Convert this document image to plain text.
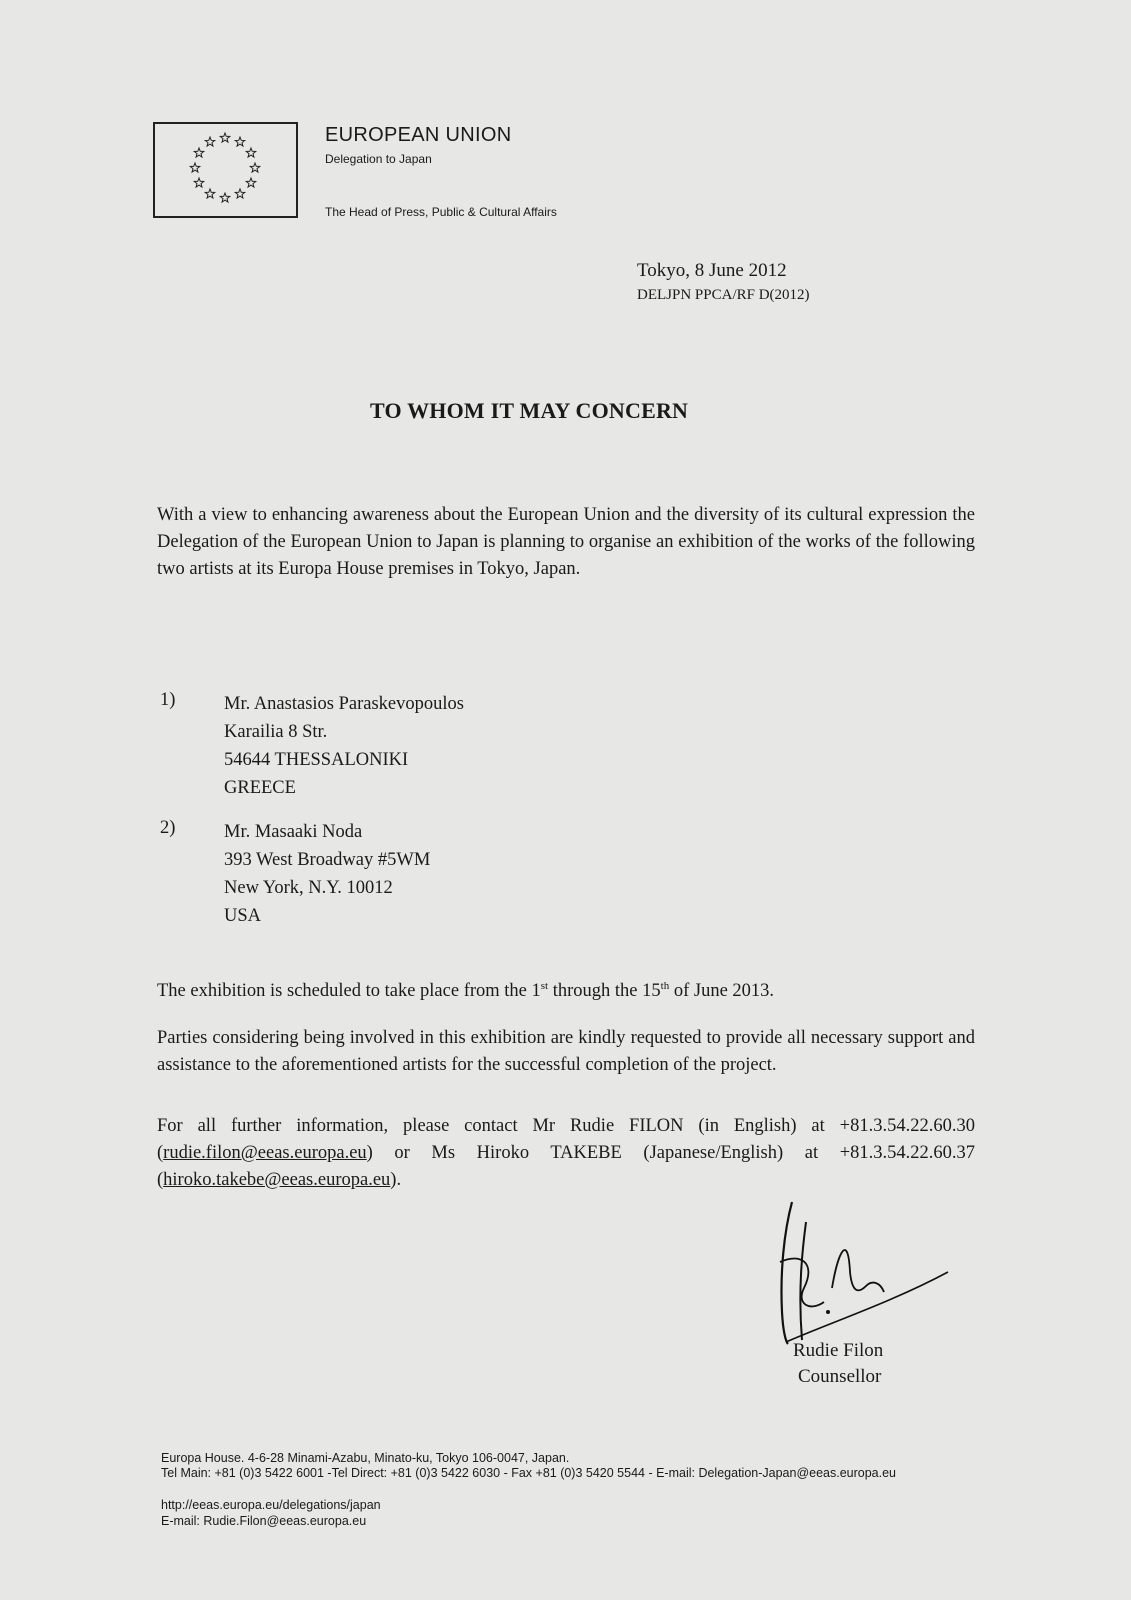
EUROPEAN UNION
Delegation to Japan
The Head of Press, Public & Cultural Affairs
Tokyo, 8 June 2012
DELJPN PPCA/RF D(2012)
TO WHOM IT MAY CONCERN

With a view to enhancing awareness about the European Union and the diversity of its cultural expression the Delegation of the European Union to Japan is planning to organise an exhibition of the works of the following two artists at its Europa House premises in Tokyo, Japan.

1)	Mr. Anastasios Paraskevopoulos
Karailia 8 Str.
54644 THESSALONIKI
GREECE
2)	Mr. Masaaki Noda
393 West Broadway #5WM
New York, N.Y. 10012
USA

The exhibition is scheduled to take place from the 1st through the 15th of June 2013.

Parties considering being involved in this exhibition are kindly requested to provide all necessary support and assistance to the aforementioned artists for the successful completion of the project.

For all further information, please contact Mr Rudie FILON (in English) at +81.3.54.22.60.30 (rudie.filon@eeas.europa.eu) or Ms Hiroko TAKEBE (Japanese/English) at +81.3.54.22.60.37 (hiroko.takebe@eeas.europa.eu).

Rudie Filon
Counsellor
Europa House. 4-6-28 Minami-Azabu, Minato-ku, Tokyo 106-0047, Japan.
Tel Main: +81 (0)3 5422 6001 -Tel Direct: +81 (0)3 5422 6030 - Fax +81 (0)3 5420 5544 - E-mail: Delegation-Japan@eeas.europa.eu
http://eeas.europa.eu/delegations/japan
E-mail: Rudie.Filon@eeas.europa.eu
